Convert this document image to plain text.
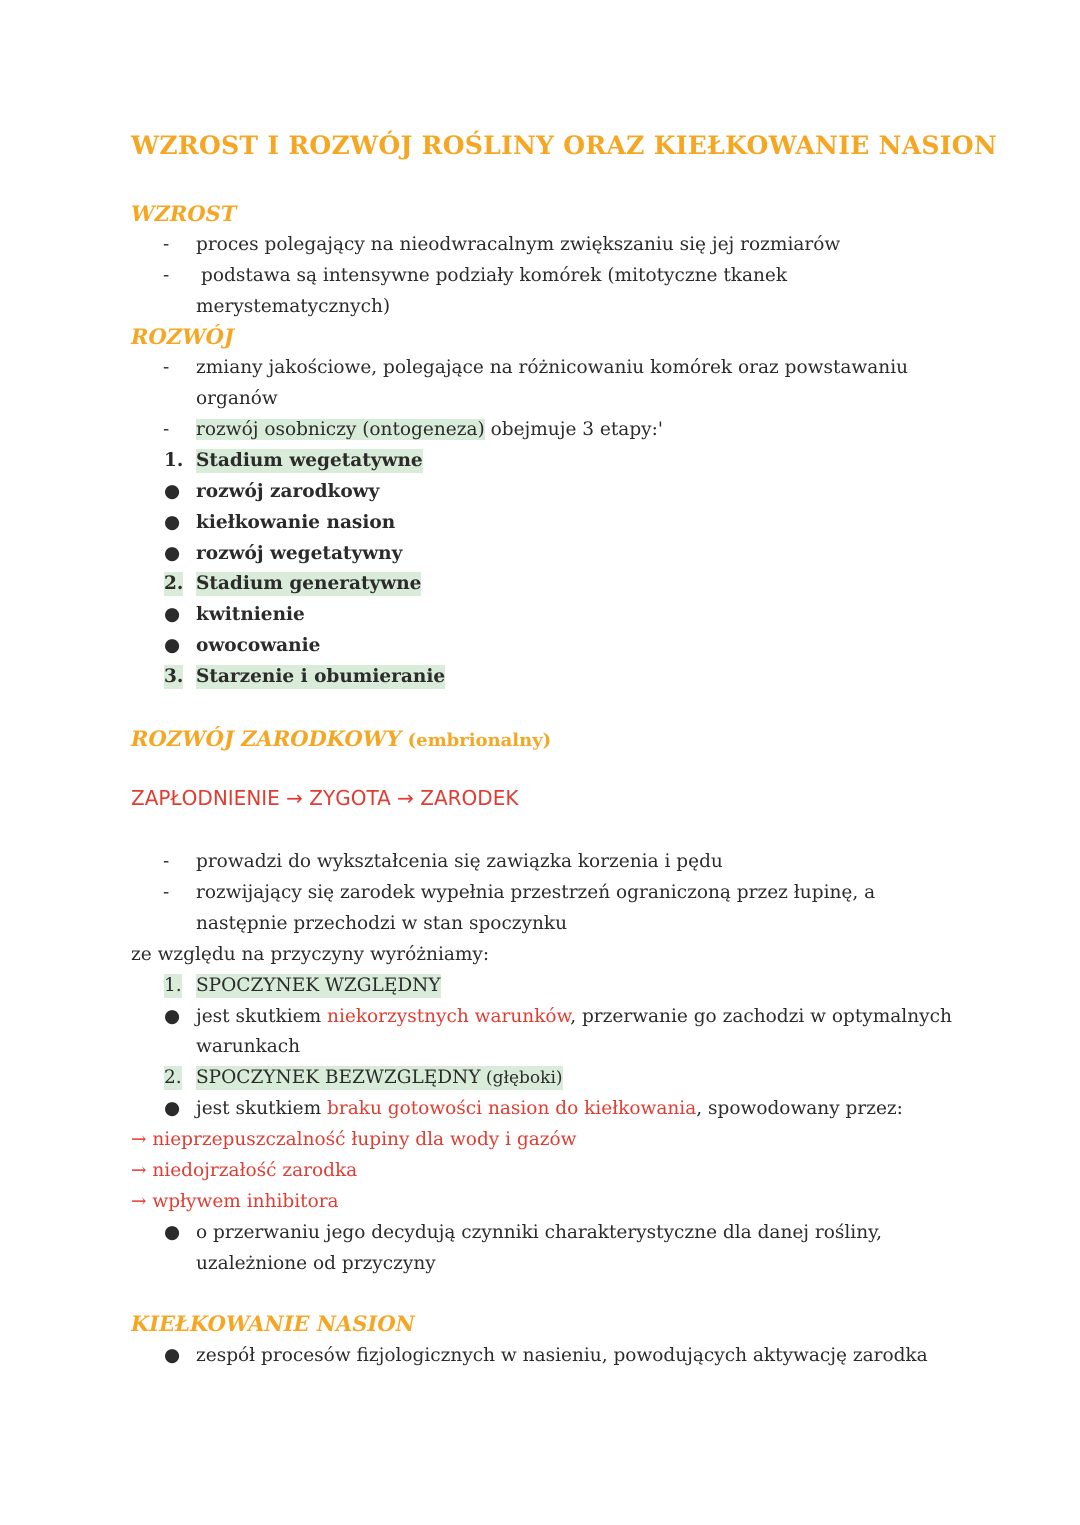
WZROST I ROZWÓJ ROŚLINY ORAZ KIEŁKOWANIE NASION
WZROST
- proces polegający na nieodwracalnym zwiększaniu się jej rozmiarów
- podstawa są intensywne podziały komórek (mitotyczne tkanek
merystematycznych)
ROZWÓJ
- zmiany jakościowe, polegające na różnicowaniu komórek oraz powstawaniu
organów
- rozwój osobniczy (ontogeneza) obejmuje 3 etapy:'
1. Stadium wegetatywne
● rozwój zarodkowy
● kiełkowanie nasion
● rozwój wegetatywny
2. Stadium generatywne
● kwitnienie
● owocowanie
3. Starzenie i obumieranie
ROZWÓJ ZARODKOWY (embrionalny)
ZAPŁODNIENIE → ZYGOTA → ZARODEK
- prowadzi do wykształcenia się zawiązka korzenia i pędu
- rozwijający się zarodek wypełnia przestrzeń ograniczoną przez łupinę, a
następnie przechodzi w stan spoczynku
ze względu na przyczyny wyróżniamy:
1. SPOCZYNEK WZGLĘDNY
● jest skutkiem niekorzystnych warunków, przerwanie go zachodzi w optymalnych
warunkach
2. SPOCZYNEK BEZWZGLĘDNY (głęboki)
● jest skutkiem braku gotowości nasion do kiełkowania, spowodowany przez:
→ nieprzepuszczalność łupiny dla wody i gazów
→ niedojrzałość zarodka
→ wpływem inhibitora
● o przerwaniu jego decydują czynniki charakterystyczne dla danej rośliny,
uzależnione od przyczyny
KIEŁKOWANIE NASION
● zespół procesów fizjologicznych w nasieniu, powodujących aktywację zarodka
